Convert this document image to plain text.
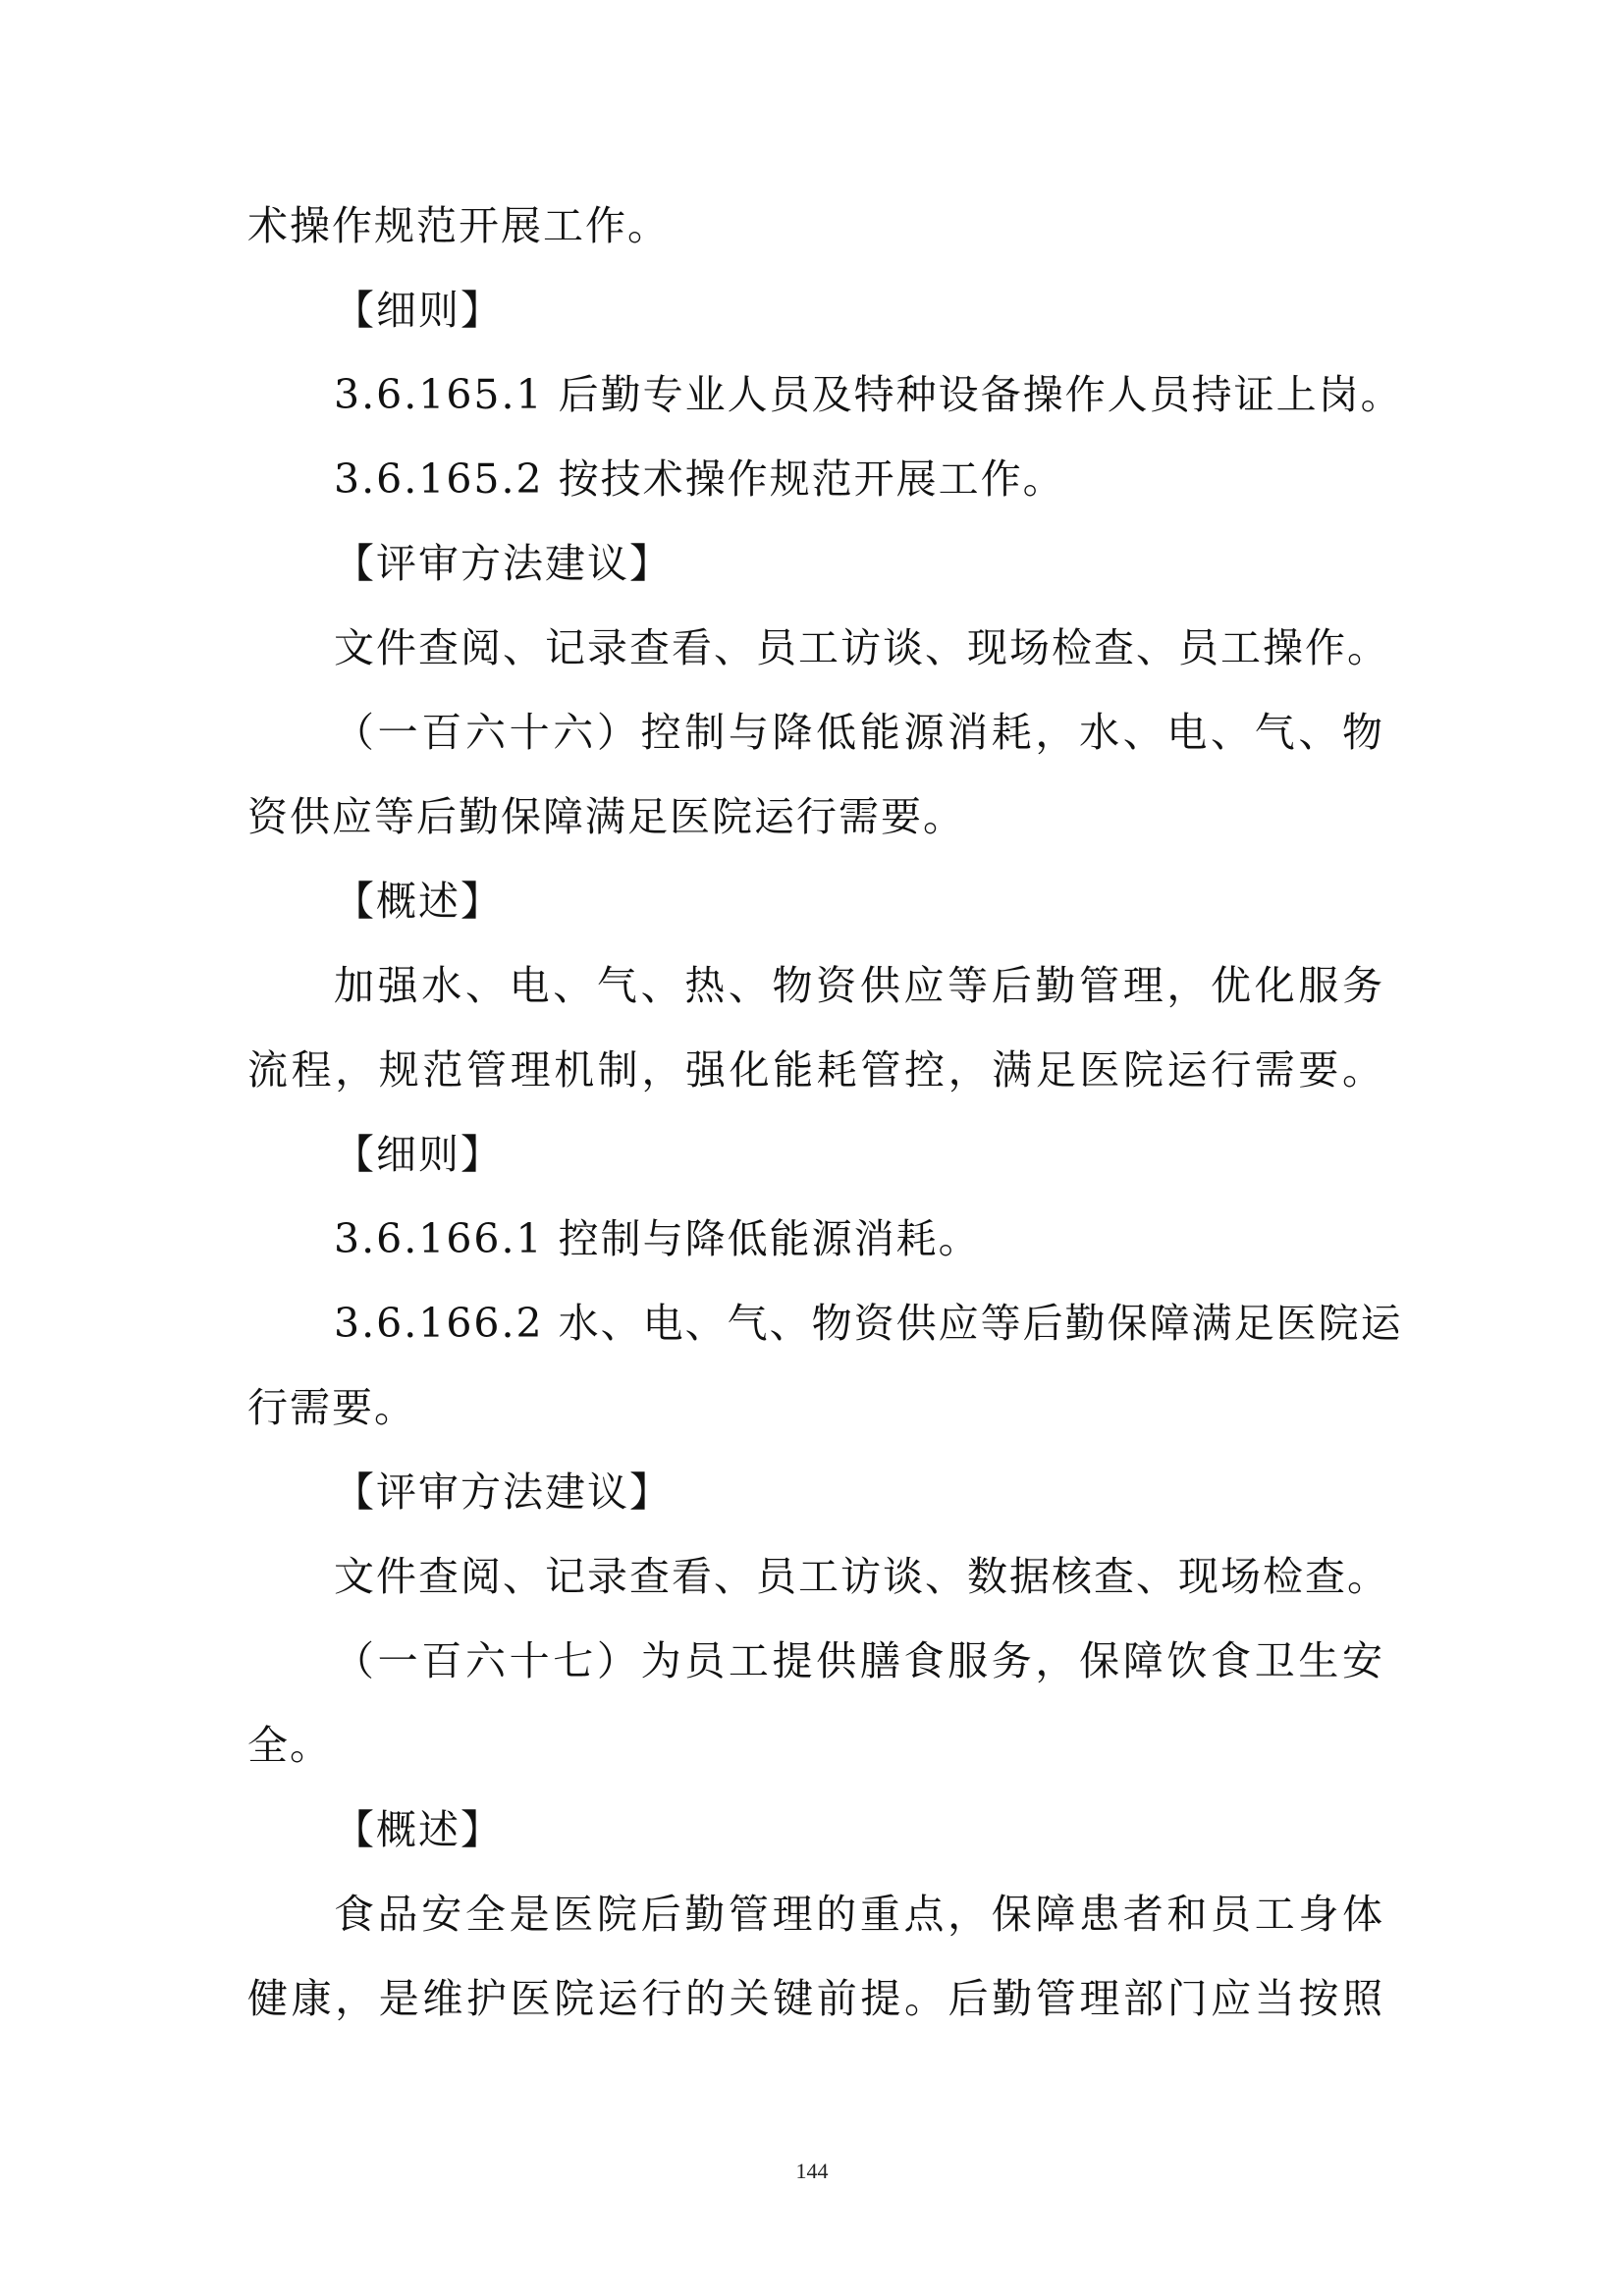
术操作规范开展工作。
【细则】
3.6.165.1 后勤专业人员及特种设备操作人员持证上岗。
3.6.165.2 按技术操作规范开展工作。
【评审方法建议】
文件查阅、记录查看、员工访谈、现场检查、员工操作。
（一百六十六）控制与降低能源消耗，水、电、气、物
资供应等后勤保障满足医院运行需要。
【概述】
加强水、电、气、热、物资供应等后勤管理，优化服务
流程，规范管理机制，强化能耗管控，满足医院运行需要。
【细则】
3.6.166.1 控制与降低能源消耗。
3.6.166.2 水、电、气、物资供应等后勤保障满足医院运
行需要。
【评审方法建议】
文件查阅、记录查看、员工访谈、数据核查、现场检查。
（一百六十七）为员工提供膳食服务，保障饮食卫生安
全。
【概述】
食品安全是医院后勤管理的重点，保障患者和员工身体
健康，是维护医院运行的关键前提。后勤管理部门应当按照
144
